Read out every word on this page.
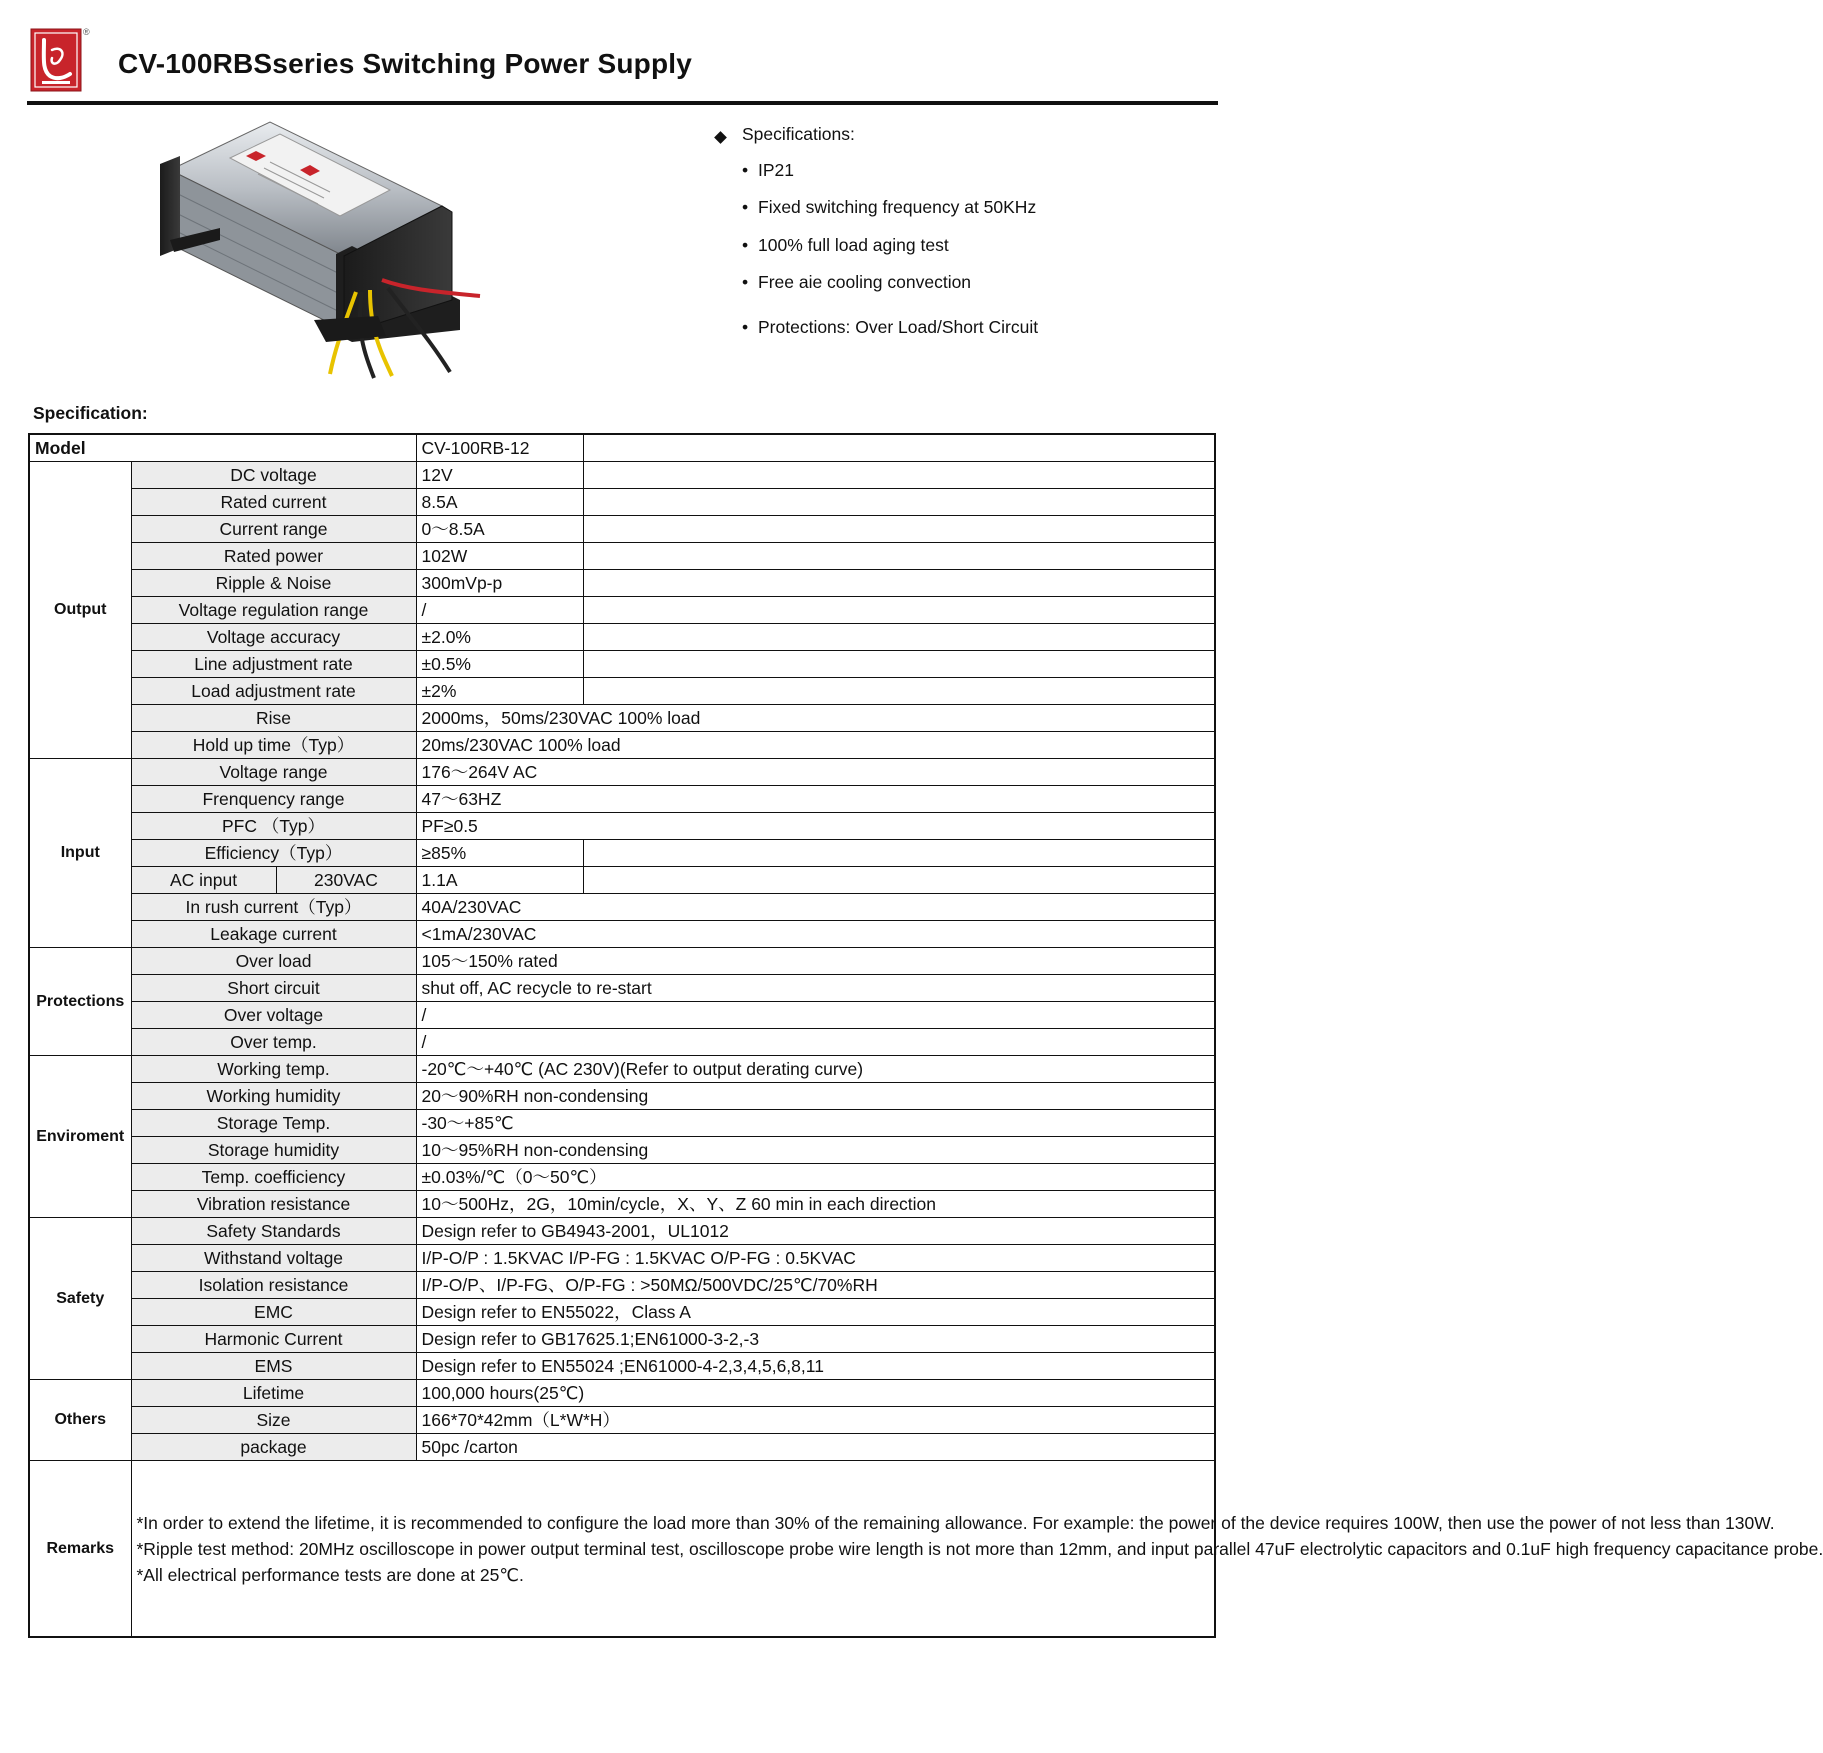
®
CV-100RBSseries Switching Power Supply
Specifications:
• IP21
• Fixed switching frequency at 50KHz
• 100% full load aging test
• Free aie cooling convection
• Protections: Over Load/Short Circuit
Specification:
Model			CV-100RB-12	
Output	DC voltage		12V	
	Rated current		8.5A	
	Current range		0～8.5A	
	Rated power		102W	
	Ripple & Noise		300mVp-p	
	Voltage regulation range		/	
	Voltage accuracy		±2.0%	
	Line adjustment rate		±0.5%	
	Load adjustment rate		±2%	
	Rise		2000ms，50ms/230VAC 100% load	
	Hold up time（Typ）		20ms/230VAC 100% load	
Input	Voltage range		176～264V AC	
	Frenquency range		47～63HZ	
	PFC （Typ）		PF≥0.5	
	Efficiency（Typ）		≥85%	
	AC input	230VAC	1.1A	
	In rush current（Typ）		40A/230VAC	
	Leakage current		<1mA/230VAC	
Protections	Over load		105～150% rated	
	Short circuit		shut off, AC recycle to re-start	
	Over voltage		/	
	Over temp.		/	
Enviroment	Working temp.		-20℃～+40℃ (AC 230V)(Refer to output derating curve)	
	Working humidity		20～90%RH non-condensing	
	Storage Temp.		-30～+85℃	
	Storage humidity		10～95%RH non-condensing	
	Temp. coefficiency		±0.03%/℃（0～50℃）	
	Vibration resistance		10～500Hz，2G，10min/cycle，X、Y、Z 60 min in each direction	
Safety	Safety Standards		Design refer to GB4943-2001，UL1012	
	Withstand voltage		I/P-O/P : 1.5KVAC I/P-FG : 1.5KVAC O/P-FG : 0.5KVAC	
	Isolation resistance		I/P-O/P、I/P-FG、O/P-FG : >50MΩ/500VDC/25℃/70%RH	
	EMC		Design refer to EN55022，Class A	
	Harmonic Current		Design refer to GB17625.1;EN61000-3-2,-3	
	EMS		Design refer to EN55024 ;EN61000-4-2,3,4,5,6,8,11	
Others	Lifetime		100,000 hours(25℃)	
	Size		166*70*42mm（L*W*H）	
	package		50pc /carton	
Remarks	*In order to extend the lifetime, it is recommended to configure the load more than 30% of the remaining allowance. For example: the power of the device requires 100W, then use the power of not less than 130W.

*Ripple test method: 20MHz oscilloscope in power output terminal test, oscilloscope probe wire length is not more than 12mm, and input parallel 47uF electrolytic capacitors and 0.1uF high frequency capacitance probe.

*All electrical performance tests are done at 25℃.			
